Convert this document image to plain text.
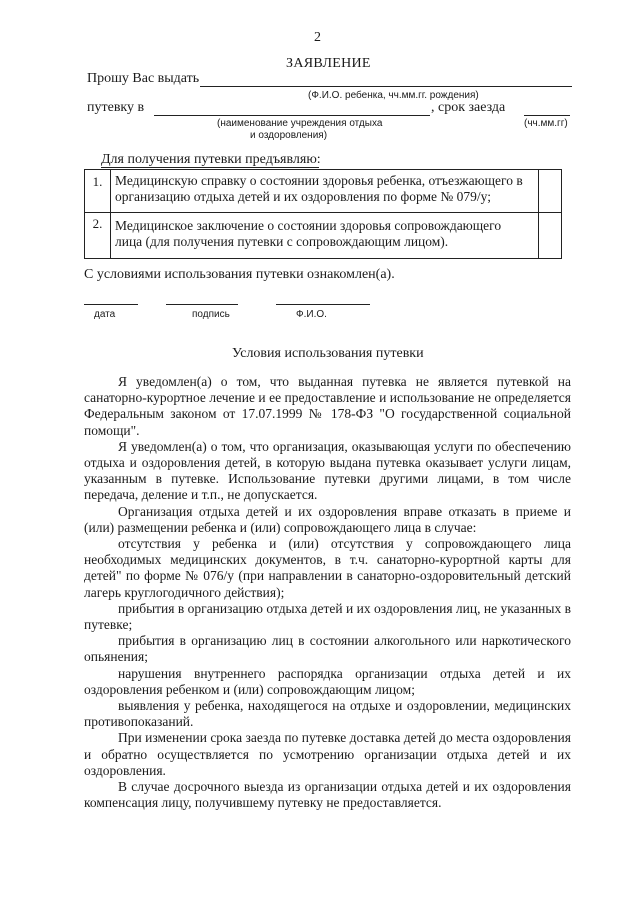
2
ЗАЯВЛЕНИЕ
Прошу Вас выдать
(Ф.И.О. ребенка, чч.мм.гг. рождения)
путевку в	, срок заезда
(наименование учреждения отдыха
и оздоровления)
(чч.мм.гг)
Для получения путевки предъявляю:
1. Медицинскую справку о состоянии здоровья ребенка, отъезжающего в организацию отдыха детей и их оздоровления по форме № 079/у;
2. Медицинское заключение о состоянии здоровья сопровождающего лица (для получения путевки с сопровождающим лицом).
С условиями использования путевки ознакомлен(а).
дата	подпись	Ф.И.О.
Условия использования путевки

Я уведомлен(а) о том, что выданная путевка не является путевкой на санаторно-курортное лечение и ее предоставление и использование не определяется Федеральным законом от 17.07.1999 № 178-ФЗ "О государственной социальной помощи".

Я уведомлен(а) о том, что организация, оказывающая услуги по обеспечению отдыха и оздоровления детей, в которую выдана путевка оказывает услуги лицам, указанным в путевке. Использование путевки другими лицами, в том числе передача, деление и т.п., не допускается.

Организация отдыха детей и их оздоровления вправе отказать в приеме и (или) размещении ребенка и (или) сопровождающего лица в случае:

отсутствия у ребенка и (или) отсутствия у сопровождающего лица необходимых медицинских документов, в т.ч. санаторно-курортной карты для детей" по форме № 076/у (при направлении в санаторно-оздоровительный детский лагерь круглогодичного действия);

прибытия в организацию отдыха детей и их оздоровления лиц, не указанных в путевке;

прибытия в организацию лиц в состоянии алкогольного или наркотического опьянения;

нарушения внутреннего распорядка организации отдыха детей и их оздоровления ребенком и (или) сопровождающим лицом;

выявления у ребенка, находящегося на отдыхе и оздоровлении, медицинских противопоказаний.

При изменении срока заезда по путевке доставка детей до места оздоровления и обратно осуществляется по усмотрению организации отдыха детей и их оздоровления.

В случае досрочного выезда из организации отдыха детей и их оздоровления компенсация лицу, получившему путевку не предоставляется.
